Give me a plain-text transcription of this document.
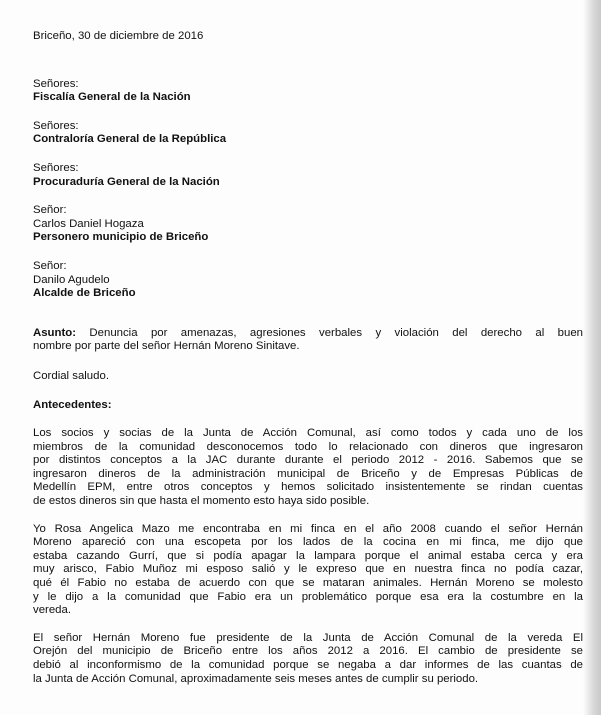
Briceño, 30 de diciembre de 2016
Señores:
Fiscalía General de la Nación
Señores:
Contraloría General de la República
Señores:
Procuraduría General de la Nación
Señor:
Carlos Daniel Hogaza
Personero municipio de Briceño
Señor:
Danilo Agudelo
Alcalde de Briceño
Asunto: Denuncia por amenazas, agresiones verbales y violación del derecho al buen
nombre por parte del señor Hernán Moreno Sinitave.
Cordial saludo.
Antecedentes:
Los socios y socias de la Junta de Acción Comunal, así como todos y cada uno de los
miembros de la comunidad desconocemos todo lo relacionado con dineros que ingresaron
por distintos conceptos a la JAC durante durante el periodo 2012 - 2016. Sabemos que se
ingresaron dineros de la administración municipal de Briceño y de Empresas Públicas de
Medellín EPM, entre otros conceptos y hemos solicitado insistentemente se rindan cuentas
de estos dineros sin que hasta el momento esto haya sido posible.
Yo Rosa Angelica Mazo me encontraba en mi finca en el año 2008 cuando el señor Hernán
Moreno apareció con una escopeta por los lados de la cocina en mi finca, me dijo que
estaba cazando Gurrí, que si podía apagar la lampara porque el animal estaba cerca y era
muy arisco, Fabio Muñoz mi esposo salió y le expreso que en nuestra finca no podía cazar,
qué él Fabio no estaba de acuerdo con que se mataran animales. Hernán Moreno se molesto
y le dijo a la comunidad que Fabio era un problemático porque esa era la costumbre en la
vereda.
El señor Hernán Moreno fue presidente de la Junta de Acción Comunal de la vereda El
Orejón del municipio de Briceño entre los años 2012 a 2016. El cambio de presidente se
debió al inconformismo de la comunidad porque se negaba a dar informes de las cuantas de
la Junta de Acción Comunal, aproximadamente seis meses antes de cumplir su periodo.
